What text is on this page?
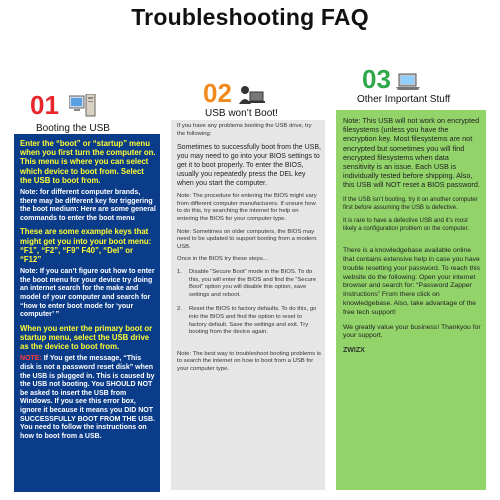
Troubleshooting FAQ
01
Booting the USB
02
USB won’t Boot!
03
Other Important Stuff

Enter the “boot” or “startup” menu when you first turn the computer on. This menu is where you can select which device to boot from. Select the USB to boot from.

Note: for different computer brands, there may be different key for triggering the boot medium: Here are some general commands to enter the boot menu

These are some example keys that might get you into your boot menu: “F1”, “F2”, “F9” F40”, “Del” or “F12”

Note: If you can’t figure out how to enter the boot menu for your device try doing an internet search for the make and model of your computer and search for “how to enter boot mode for ‘your computer’ ”

When you enter the primary boot or startup menu, select the USB drive as the device to boot from.

NOTE: If You get the message, “This disk is not a password reset disk” when the USB is plugged in. This is caused by the USB not booting. You SHOULD NOT be asked to insert the USB from Windows. If you see this error box, ignore it because it means you DID NOT SUCCESSFULLY BOOT FROM THE USB. You need to follow the instructions on how to boot from a USB.

If you have any problems booting the USB drive, try the following:

Sometimes to successfully boot from the USB, you may need to go into your BIOS settings to get it to boot properly. To enter the BIOS, usually you repeatedly press the DEL key when you start the computer.

Note: The procedure for entering the BIOS might vary from different computer manufacturers. If unsure how to do this, try searching the internet for help on entering the BIOS for your computer type.

Note: Sometimes on older computers, the BIOS may need to be updated to support booting from a modern USB.

Once in the BIOS try these steps…

1.	Disable “Secure Boot” mode in the BIOS. To do this, you will enter the BIOS and find the “Secure Boot” option you will disable this option, save settings and reboot.
2.	Reset the BIOS to factory defaults. To do this, go into the BIOS and find the option to reset to factory default. Save the settings and exit. Try booting from the device again.

Note: The best way to troubleshoot booting problems is to search the internet on how to boot from a USB for your computer type.

Note: This USB will not work on encrypted filesystems (unless you have the encryption key. Most filesystems are not encrypted but sometimes you will find encrypted filesystems when data sensitivity is an issue. Each USB is individually tested before shipping. Also, this USB will NOT reset a BIOS password.

If the USB isn’t booting, try it on another computer first before assuming the USB is defective.

It is rare to have a defective USB and it’s most likely a configuration problem on the computer.

There is a knowledgebase available online that contains extensive help in case you have trouble resetting your password. To reach this website do the following: Open your internet browser and search for: “Password Zapper Instructions” From there click on knowledgebase. Also, take advantage of the free tech support!

We greatly value your business! Thankyou for your support.

ZWIZX
